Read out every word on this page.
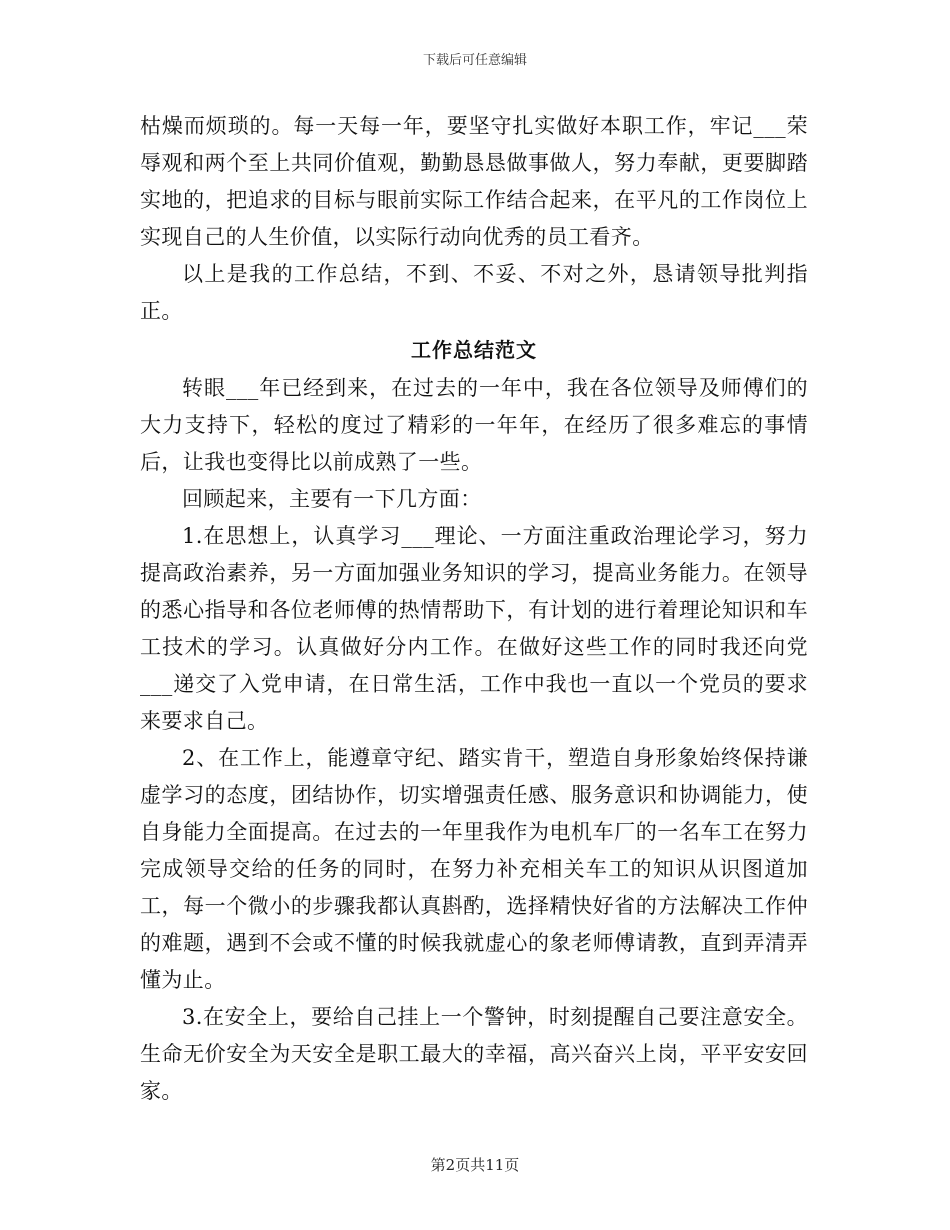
下载后可任意编辑

枯燥而烦琐的。每一天每一年，要坚守扎实做好本职工作，牢记___荣辱观和两个至上共同价值观，勤勤恳恳做事做人，努力奉献，更要脚踏实地的，把追求的目标与眼前实际工作结合起来，在平凡的工作岗位上实现自己的人生价值，以实际行动向优秀的员工看齐。

以上是我的工作总结，不到、不妥、不对之外，恳请领导批判指正。

工作总结范文

转眼___年已经到来，在过去的一年中，我在各位领导及师傅们的大力支持下，轻松的度过了精彩的一年年，在经历了很多难忘的事情后，让我也变得比以前成熟了一些。

回顾起来，主要有一下几方面：

1.在思想上，认真学习___理论、一方面注重政治理论学习，努力提高政治素养，另一方面加强业务知识的学习，提高业务能力。在领导的悉心指导和各位老师傅的热情帮助下，有计划的进行着理论知识和车工技术的学习。认真做好分内工作。在做好这些工作的同时我还向党___递交了入党申请，在日常生活，工作中我也一直以一个党员的要求来要求自己。

2、在工作上，能遵章守纪、踏实肯干，塑造自身形象始终保持谦虚学习的态度，团结协作，切实增强责任感、服务意识和协调能力，使自身能力全面提高。在过去的一年里我作为电机车厂的一名车工在努力完成领导交给的任务的同时，在努力补充相关车工的知识从识图道加工，每一个微小的步骤我都认真斟酌，选择精快好省的方法解决工作仲的难题，遇到不会或不懂的时候我就虚心的象老师傅请教，直到弄清弄懂为止。

3.在安全上，要给自己挂上一个警钟，时刻提醒自己要注意安全。生命无价安全为天安全是职工最大的幸福，高兴奋兴上岗，平平安安回家。

第2页共11页
